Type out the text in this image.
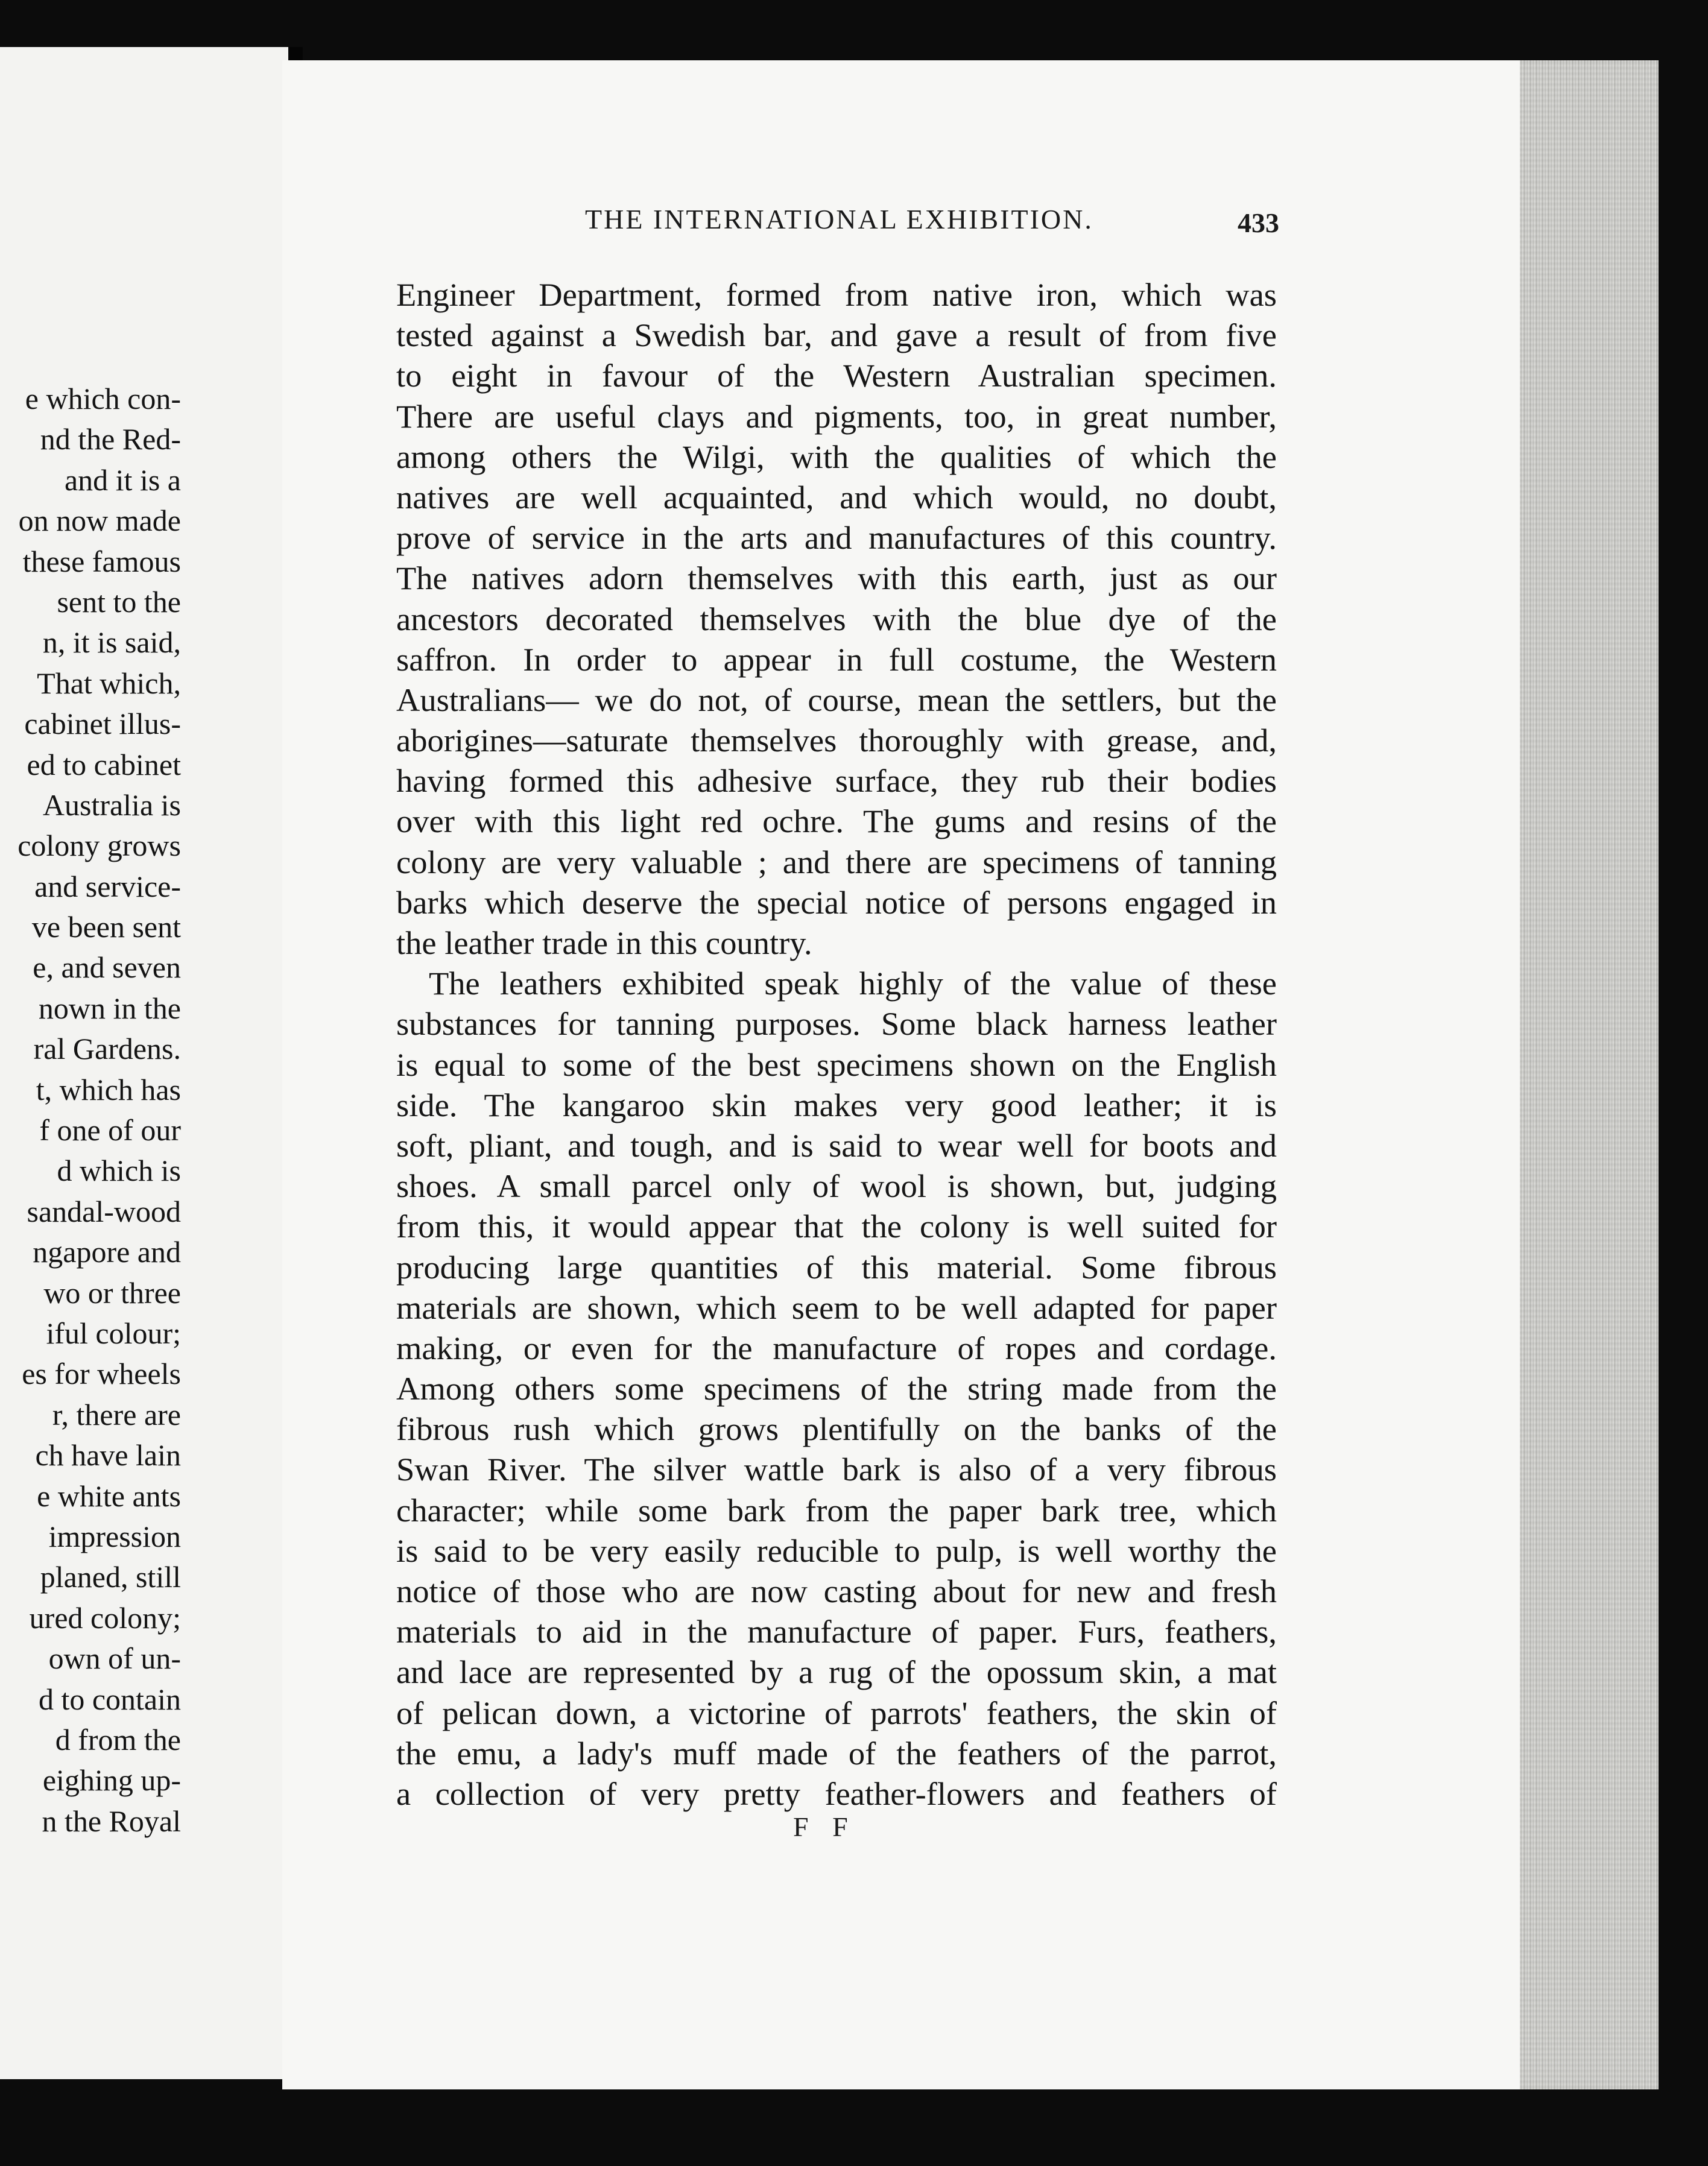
e which con-
nd the Red-
and it is a
on now made
these famous
sent to the
n, it is said,
That which,
cabinet illus-
ed to cabinet
Australia is
colony grows
and service-
ve been sent
e, and seven
nown in the
ral Gardens.
t, which has
f one of our
d which is
sandal-wood
ngapore and
wo or three
iful colour;
es for wheels
r, there are
ch have lain
e white ants
impression
planed, still
ured colony;
own of un-
d to contain
d from the
eighing up-
n the Royal
THE INTERNATIONAL EXHIBITION.	433
Engineer Department, formed from native iron, which was
tested against a Swedish bar, and gave a result of from five
to eight in favour of the Western Australian specimen.
There are useful clays and pigments, too, in great number,
among others the Wilgi, with the qualities of which the
natives are well acquainted, and which would, no doubt,
prove of service in the arts and manufactures of this country.
The natives adorn themselves with this earth, just as our
ancestors decorated themselves with the blue dye of the
saffron. In order to appear in full costume, the Western
Australians— we do not, of course, mean the settlers, but the
aborigines—saturate themselves thoroughly with grease, and,
having formed this adhesive surface, they rub their bodies
over with this light red ochre. The gums and resins of the
colony are very valuable ; and there are specimens of tanning
barks which deserve the special notice of persons engaged in
the leather trade in this country.
The leathers exhibited speak highly of the value of these
substances for tanning purposes. Some black harness leather
is equal to some of the best specimens shown on the English
side. The kangaroo skin makes very good leather; it is
soft, pliant, and tough, and is said to wear well for boots and
shoes. A small parcel only of wool is shown, but, judging
from this, it would appear that the colony is well suited for
producing large quantities of this material. Some fibrous
materials are shown, which seem to be well adapted for paper
making, or even for the manufacture of ropes and cordage.
Among others some specimens of the string made from the
fibrous rush which grows plentifully on the banks of the
Swan River. The silver wattle bark is also of a very fibrous
character; while some bark from the paper bark tree, which
is said to be very easily reducible to pulp, is well worthy the
notice of those who are now casting about for new and fresh
materials to aid in the manufacture of paper. Furs, feathers,
and lace are represented by a rug of the opossum skin, a mat
of pelican down, a victorine of parrots' feathers, the skin of
the emu, a lady's muff made of the feathers of the parrot,
a collection of very pretty feather-flowers and feathers of
F F
